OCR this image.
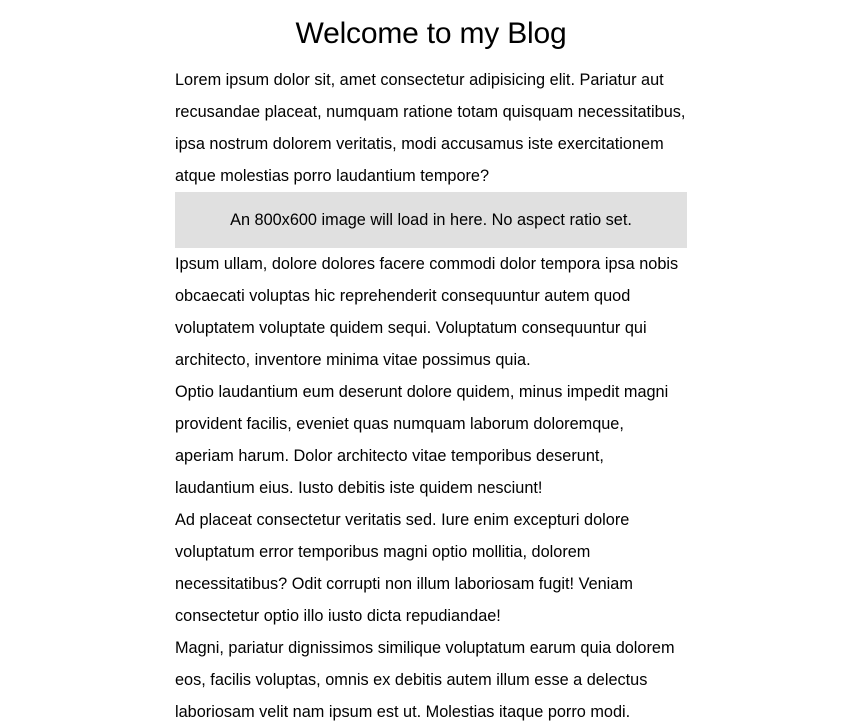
Welcome to my Blog

Lorem ipsum dolor sit, amet consectetur adipisicing elit. Pariatur aut recusandae placeat, numquam ratione totam quisquam necessitatibus, ipsa nostrum dolorem veritatis, modi accusamus iste exercitationem atque molestias porro laudantium tempore?

An 800x600 image will load in here. No aspect ratio set.

Ipsum ullam, dolore dolores facere commodi dolor tempora ipsa nobis obcaecati voluptas hic reprehenderit consequuntur autem quod voluptatem voluptate quidem sequi. Voluptatum consequuntur qui architecto, inventore minima vitae possimus quia.

Optio laudantium eum deserunt dolore quidem, minus impedit magni provident facilis, eveniet quas numquam laborum doloremque, aperiam harum. Dolor architecto vitae temporibus deserunt, laudantium eius. Iusto debitis iste quidem nesciunt!

Ad placeat consectetur veritatis sed. Iure enim excepturi dolore voluptatum error temporibus magni optio mollitia, dolorem necessitatibus? Odit corrupti non illum laboriosam fugit! Veniam consectetur optio illo iusto dicta repudiandae!

Magni, pariatur dignissimos similique voluptatum earum quia dolorem eos, facilis voluptas, omnis ex debitis autem illum esse a delectus laboriosam velit nam ipsum est ut. Molestias itaque porro modi.
